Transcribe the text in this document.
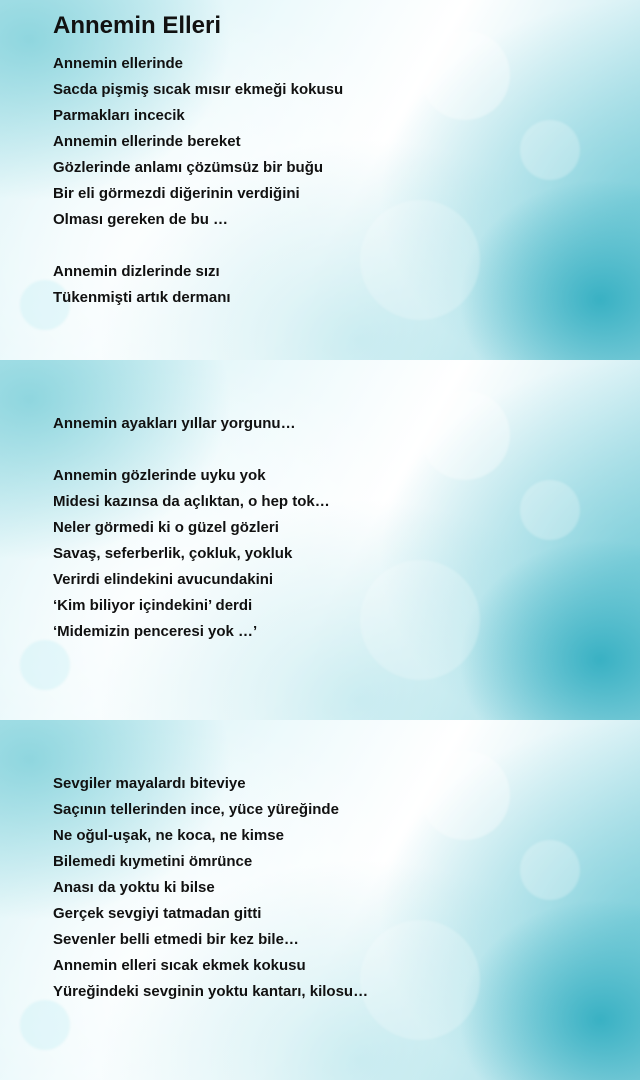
Annemin Elleri
Annemin ellerinde
Sacda pişmiş sıcak mısır ekmeği kokusu
Parmakları incecik
Annemin ellerinde bereket
Gözlerinde anlamı çözümsüz bir buğu
Bir eli görmezdi diğerinin verdiğini
Olması gereken de bu …
Annemin dizlerinde sızı
Tükenmişti artık dermanı
Annemin ayakları yıllar yorgunu…
Annemin gözlerinde uyku yok
Midesi kazınsa da açlıktan, o hep tok…
Neler görmedi ki o güzel gözleri
Savaş, seferberlik, çokluk, yokluk
Verirdi elindekini avucundakini
‘Kim biliyor içindekini’ derdi
‘Midemizin penceresi yok …’
Sevgiler mayalardı biteviye
Saçının tellerinden ince, yüce yüreğinde
Ne oğul-uşak, ne koca, ne kimse
Bilemedi kıymetini ömrünce
Anası da yoktu ki bilse
Gerçek sevgiyi tatmadan gitti
Sevenler belli etmedi bir kez bile…
Annemin elleri sıcak ekmek kokusu
Yüreğindeki sevginin yoktu kantarı, kilosu…
